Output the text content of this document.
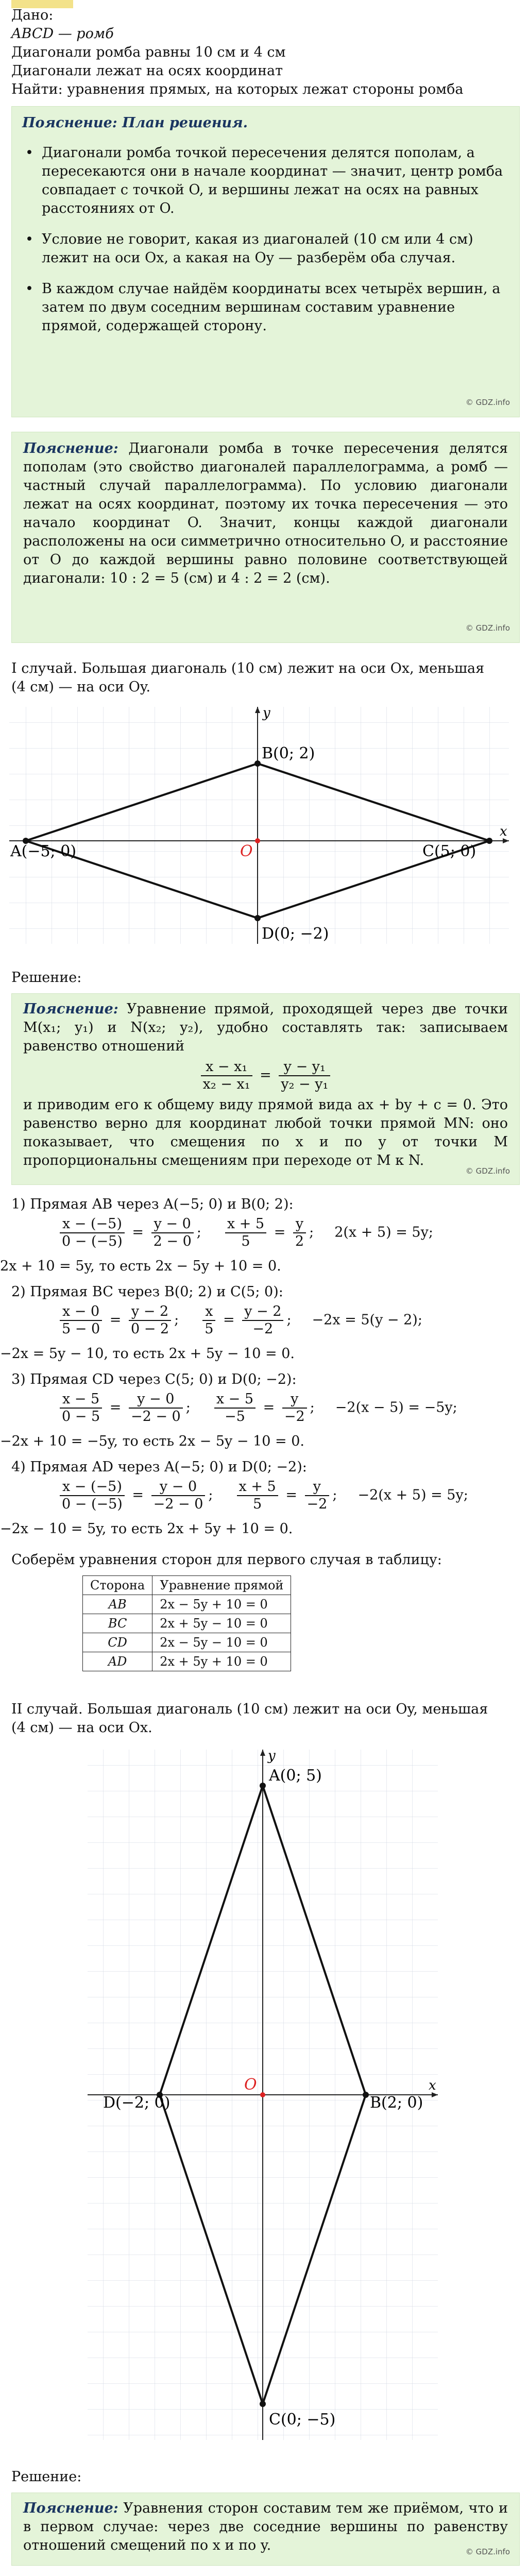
Дано:
ABCD — ромб
Диагонали ромба равны 10 см и 4 см
Диагонали лежат на осях координат
Найти: уравнения прямых, на которых лежат стороны ромба
Пояснение: План решения.
• Диагонали ромба точкой пересечения делятся пополам, а пересекаются они в начале координат — значит, центр ромба совпадает с точкой O, и вершины лежат на осях на равных расстояниях от O.
• Условие не говорит, какая из диагоналей (10 см или 4 см) лежит на оси Ox, а какая на Oy — разберём оба случая.
• В каждом случае найдём координаты всех четырёх вершин, а затем по двум соседним вершинам составим уравнение прямой, содержащей сторону.
© GDZ.info
Пояснение: Диагонали ромба в точке пересечения делятся пополам (это свойство диагоналей параллелограмма, а ромб — частный случай параллелограмма). По условию диагонали лежат на осях координат, поэтому их точка пересечения — это начало координат O. Значит, концы каждой диагонали расположены на оси симметрично относительно O, и расстояние от O до каждой вершины равно половине соответствующей диагонали: 10 : 2 = 5 (см) и 4 : 2 = 2 (см).
© GDZ.info
I случай. Большая диагональ (10 см) лежит на оси Ox, меньшая
(4 см) — на оси Oy.
A(−5; 0)
B(0; 2)
C(5; 0)
D(0; −2)
O
x
y
Решение:
Пояснение: Уравнение прямой, проходящей через две точки M(x₁; y₁) и N(x₂; y₂), удобно составлять так: записываем равенство отношений
$\frac{\text{x − x₁}}{\text{x₂ − x₁}} = \frac{\text{y − y₁}}{\text{y₂ − y₁}}$
и приводим его к общему виду прямой вида ax + by + c = 0. Это равенство верно для координат любой точки прямой MN: оно показывает, что смещения по x и по y от точки M пропорциональны смещениям при переходе от M к N.
© GDZ.info
1) Прямая AB через A(−5; 0) и B(0; 2):
$\frac{x - (-5)}{0 - (-5)} = \frac{y - 0}{2 - 0}$ ; $\frac{x + 5}{5} = \frac{y}{2}$ ; 2(x + 5) = 5y;
2x + 10 = 5y, то есть 2x − 5y + 10 = 0.
2) Прямая BC через B(0; 2) и C(5; 0):
$\frac{x - 0}{5 - 0} = \frac{y - 2}{0 - 2}$ ; $\frac{x}{5} = \frac{y - 2}{-2}$ ; −2x = 5(y − 2);
−2x = 5y − 10, то есть 2x + 5y − 10 = 0.
3) Прямая CD через C(5; 0) и D(0; −2):
$\frac{x - 5}{0 - 5} = \frac{y - 0}{-2 - 0}$ ; $\frac{x - 5}{-5} = \frac{y}{-2}$ ; −2(x − 5) = −5y;
−2x + 10 = −5y, то есть 2x − 5y − 10 = 0.
4) Прямая AD через A(−5; 0) и D(0; −2):
$\frac{x - (-5)}{0 - (-5)} = \frac{y - 0}{-2 - 0}$ ; $\frac{x + 5}{5} = \frac{y}{-2}$ ; −2(x + 5) = 5y;
−2x − 10 = 5y, то есть 2x + 5y + 10 = 0.
Соберём уравнения сторон для первого случая в таблицу:
Сторона	Уравнение прямой
AB	2x − 5y + 10 = 0
BC	2x + 5y − 10 = 0
CD	2x − 5y − 10 = 0
AD	2x + 5y + 10 = 0
II случай. Большая диагональ (10 см) лежит на оси Oy, меньшая
(4 см) — на оси Ox.
A(0; 5)
B(2; 0)
C(0; −5)
D(−2; 0)
O	x
y
Решение:
Пояснение: Уравнения сторон составим тем же приёмом, что и в первом случае: через две соседние вершины по равенству отношений смещений по x и по y.	© GDZ.info
